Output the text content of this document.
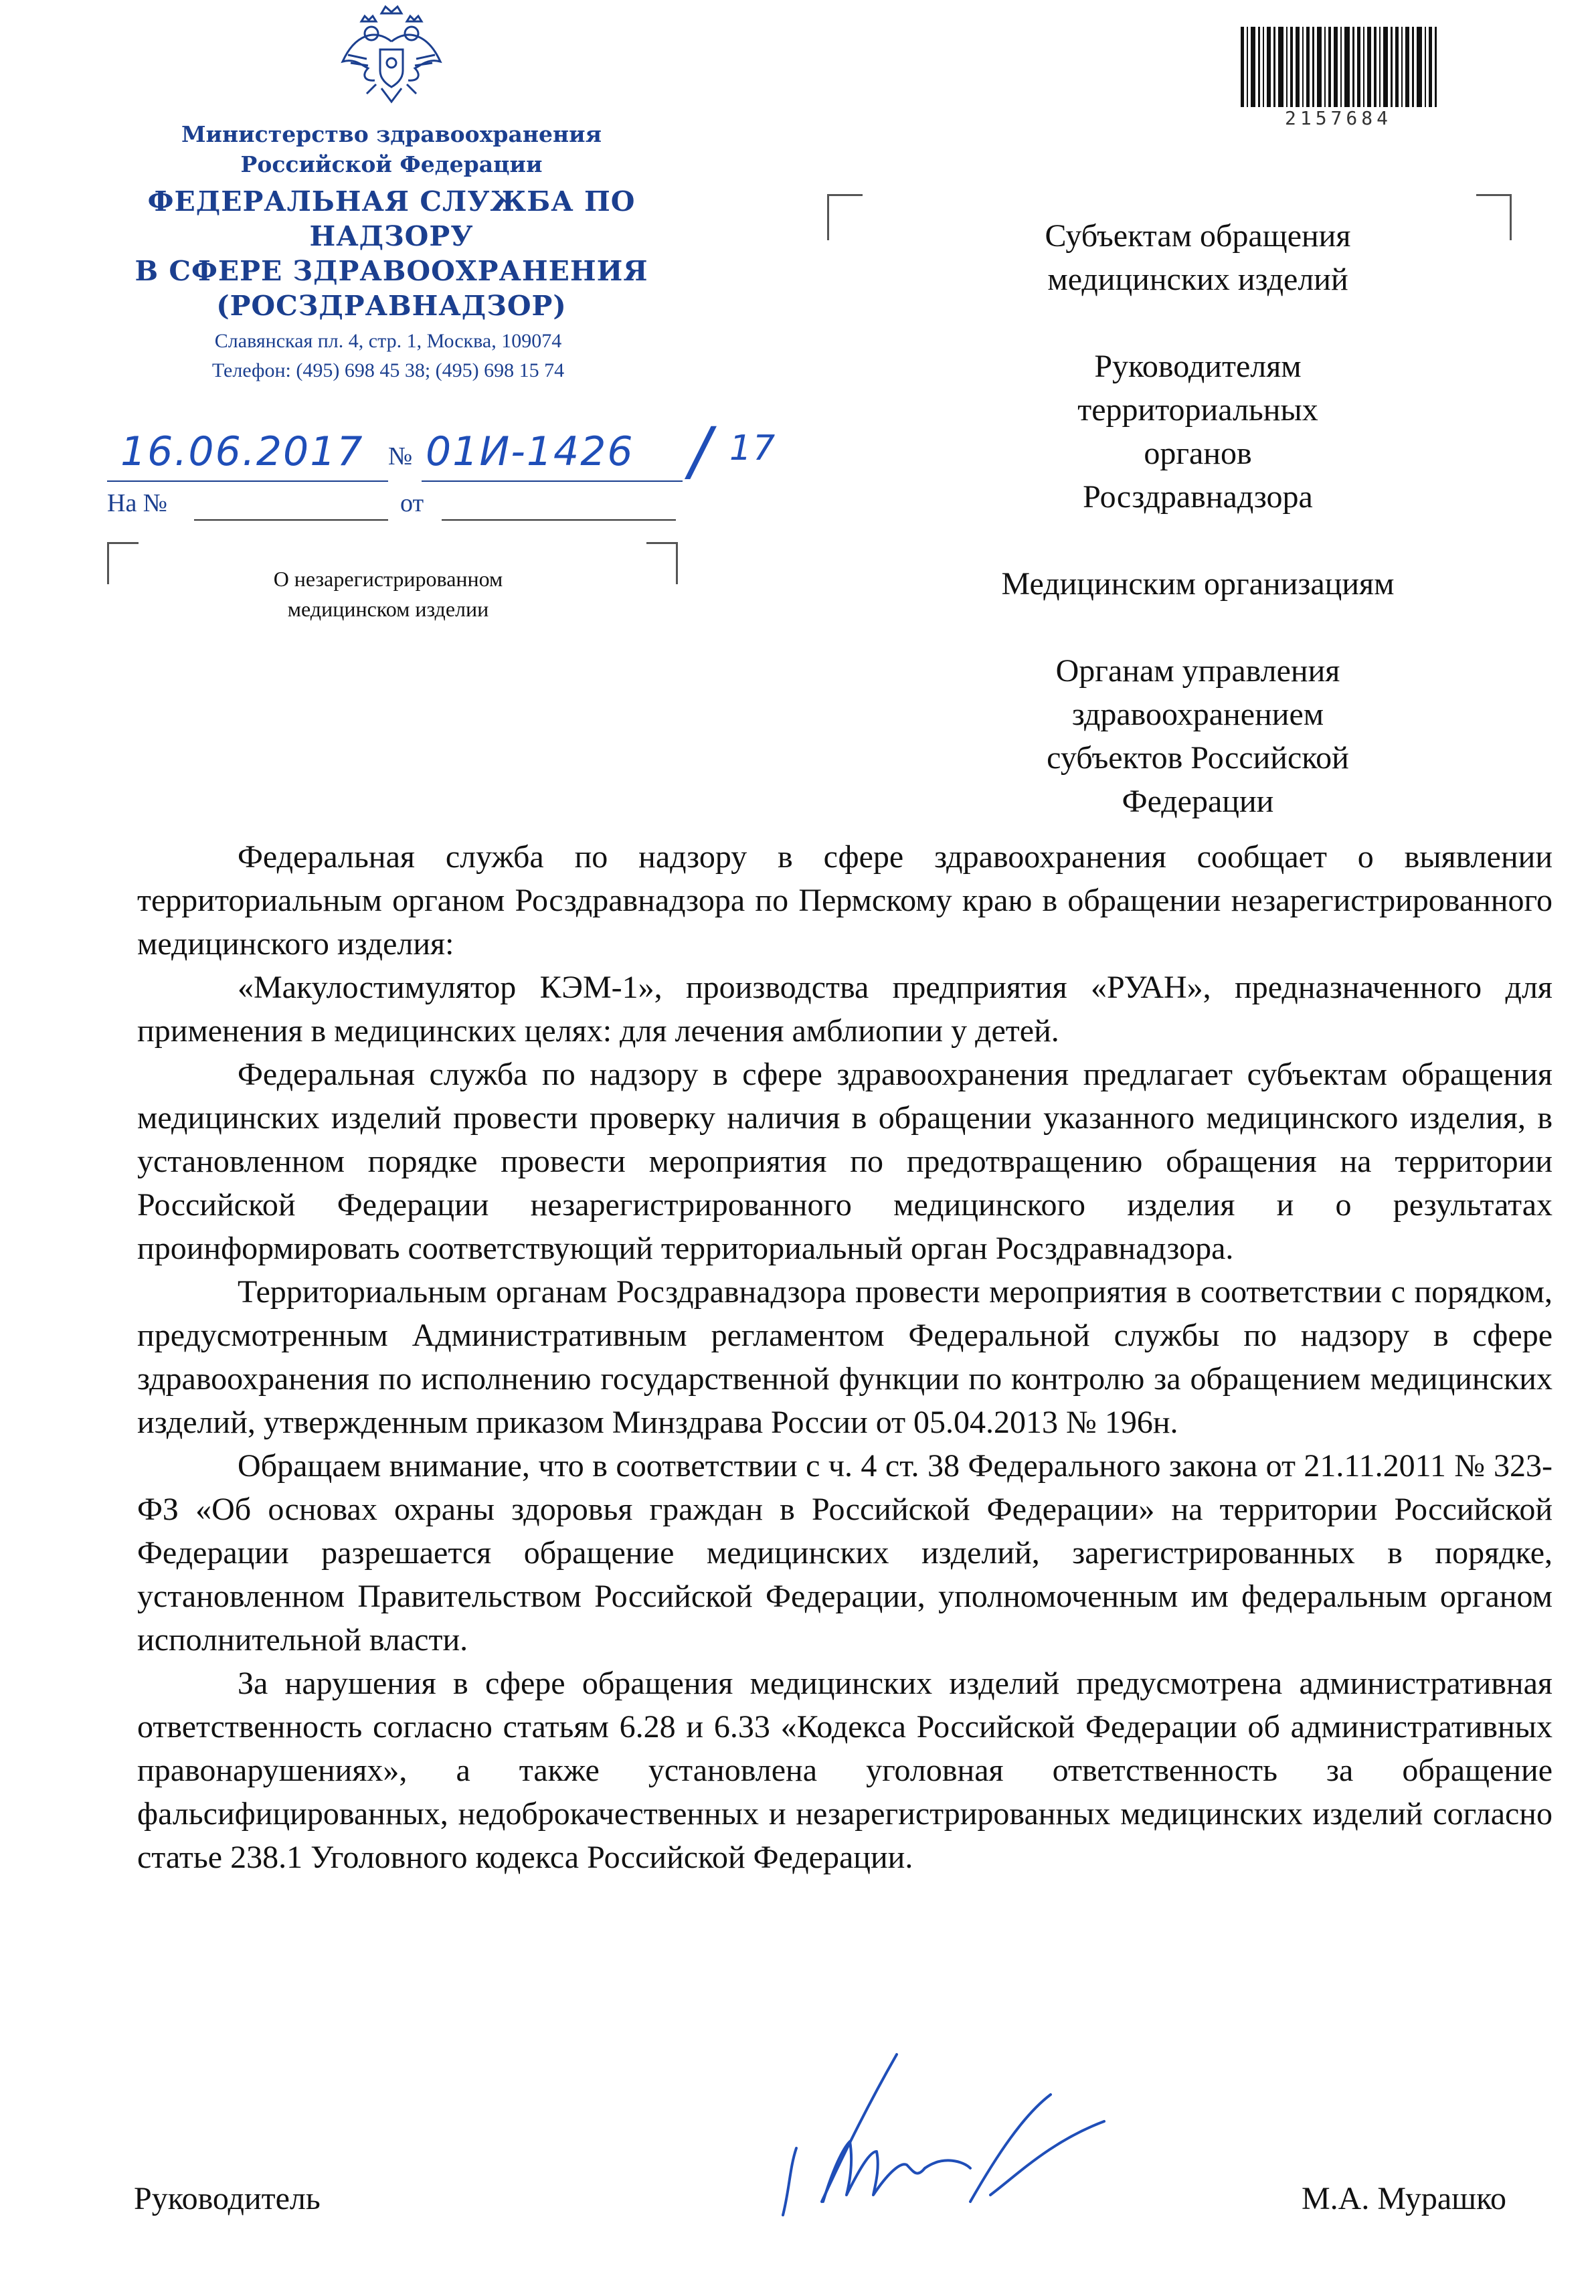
Министерство здравоохранения
Российской Федерации
ФЕДЕРАЛЬНАЯ СЛУЖБА ПО НАДЗОРУ
В СФЕРЕ ЗДРАВООХРАНЕНИЯ
(РОСЗДРАВНАДЗОР)
Славянская пл. 4, стр. 1, Москва, 109074
Телефон: (495) 698 45 38; (495) 698 15 74
16.06.2017 № 01И-1426 / 17
На №	от
О незарегистрированном
медицинском изделии
2157684

Субъектам обращения медицинских изделий

Руководителям территориальных органов Росздравнадзора

Медицинским организациям

Органам управления здравоохранением субъектов Российской Федерации

Федеральная служба по надзору в сфере здравоохранения сообщает о выявлении территориальным органом Росздравнадзора по Пермскому краю в обращении незарегистрированного медицинского изделия:

«Макулостимулятор КЭМ-1», производства предприятия «РУАН», предназначенного для применения в медицинских целях: для лечения амблиопии у детей.

Федеральная служба по надзору в сфере здравоохранения предлагает субъектам обращения медицинских изделий провести проверку наличия в обращении указанного медицинского изделия, в установленном порядке провести мероприятия по предотвращению обращения на территории Российской Федерации незарегистрированного медицинского изделия и о результатах проинформировать соответствующий территориальный орган Росздравнадзора.

Территориальным органам Росздравнадзора провести мероприятия в соответствии с порядком, предусмотренным Административным регламентом Федеральной службы по надзору в сфере здравоохранения по исполнению государственной функции по контролю за обращением медицинских изделий, утвержденным приказом Минздрава России от 05.04.2013 № 196н.

Обращаем внимание, что в соответствии с ч. 4 ст. 38 Федерального закона от 21.11.2011 № 323-ФЗ «Об основах охраны здоровья граждан в Российской Федерации» на территории Российской Федерации разрешается обращение медицинских изделий, зарегистрированных в порядке, установленном Правительством Российской Федерации, уполномоченным им федеральным органом исполнительной власти.

За нарушения в сфере обращения медицинских изделий предусмотрена административная ответственность согласно статьям 6.28 и 6.33 «Кодекса Российской Федерации об административных правонарушениях», а также установлена уголовная ответственность за обращение фальсифицированных, недоброкачественных и незарегистрированных медицинских изделий согласно статье 238.1 Уголовного кодекса Российской Федерации.

Руководитель	М.А. Мурашко
